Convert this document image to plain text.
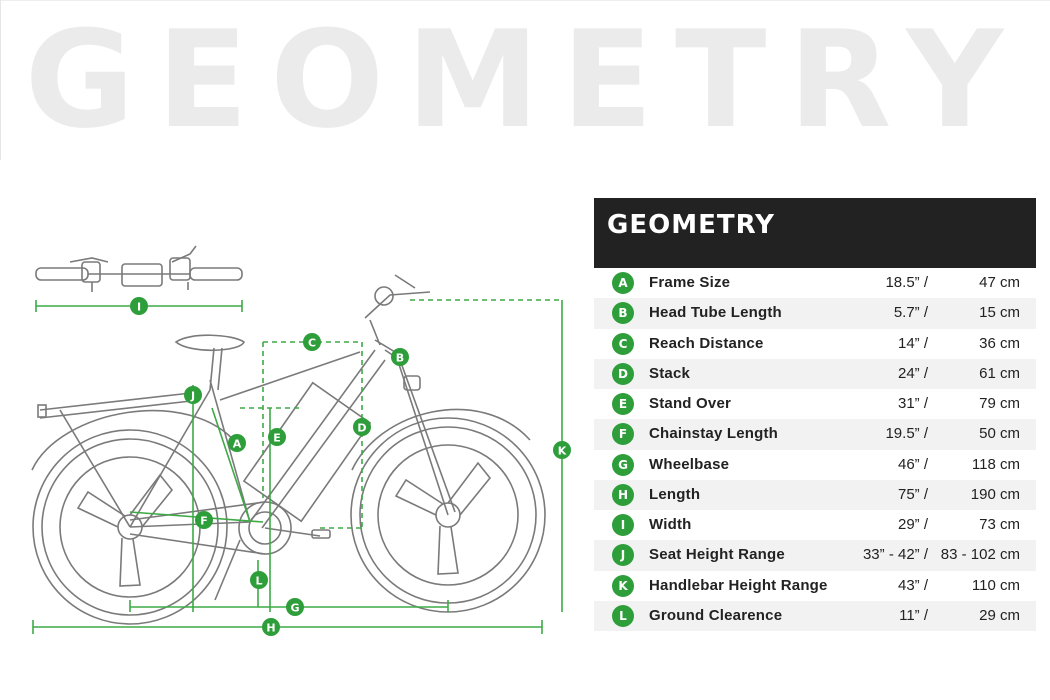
GEOMETRY
I
C
B
J
D
A	E
K
F
L
G
H
GEOMETRY
A	Frame Size	18.5” /	47 cm
B	Head Tube Length	5.7” /	15 cm
C	Reach Distance	14” /	36 cm
D	Stack	24” /	61 cm
E	Stand Over	31” /	79 cm
F	Chainstay Length	19.5” /	50 cm
G	Wheelbase	46” /	118 cm
H	Length	75” /	190 cm
I	Width	29” /	73 cm
J	Seat Height Range	33” - 42” / 83 - 102 cm
K	Handlebar Height Range	43” /	110 cm
L	Ground Clearence	11” /	29 cm
